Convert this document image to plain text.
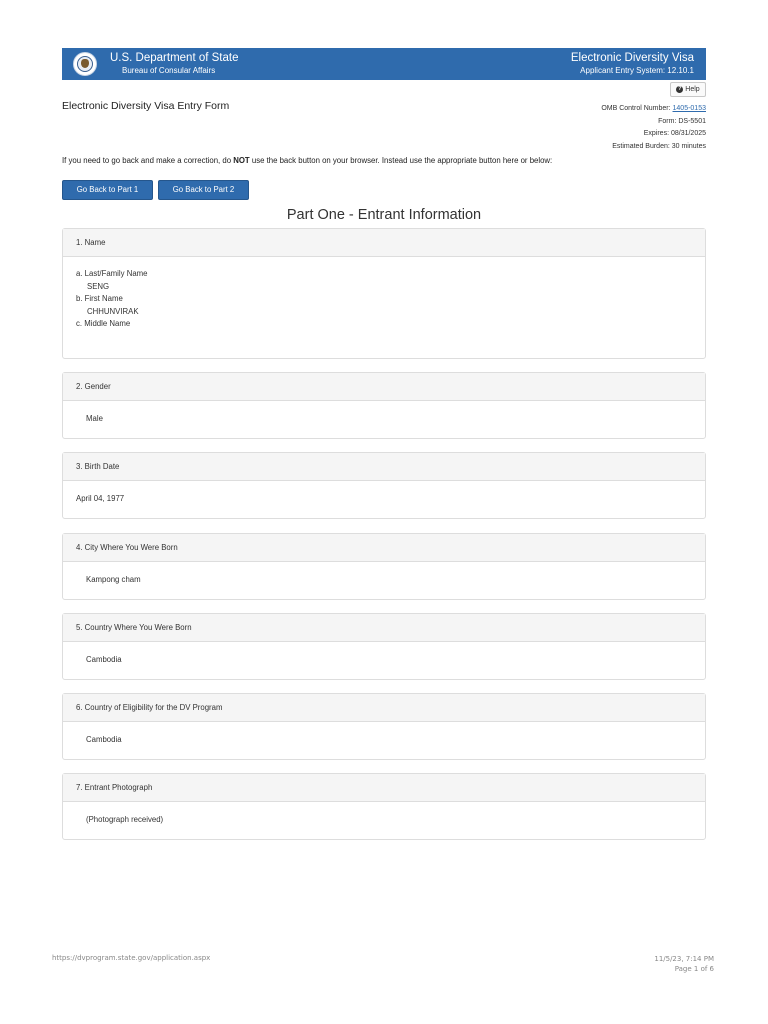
U.S. Department of State
Bureau of Consular Affairs
Electronic Diversity Visa
Applicant Entry System: 12.10.1
? Help
Electronic Diversity Visa Entry Form	OMB Control Number: 1405-0153
Form: DS-5501
Expires: 08/31/2025
Estimated Burden: 30 minutes
If you need to go back and make a correction, do NOT use the back button on your browser. Instead use the appropriate button here or below:
Go Back to Part 1	Go Back to Part 2
Part One - Entrant Information
1. Name
a. Last/Family Name
SENG
b. First Name
CHHUNVIRAK
c. Middle Name
2. Gender
Male
3. Birth Date
April 04, 1977
4. City Where You Were Born
Kampong cham
5. Country Where You Were Born
Cambodia
6. Country of Eligibility for the DV Program
Cambodia
7. Entrant Photograph
(Photograph received)
https://dvprogram.state.gov/application.aspx	11/5/23, 7:14 PM
Page 1 of 6
